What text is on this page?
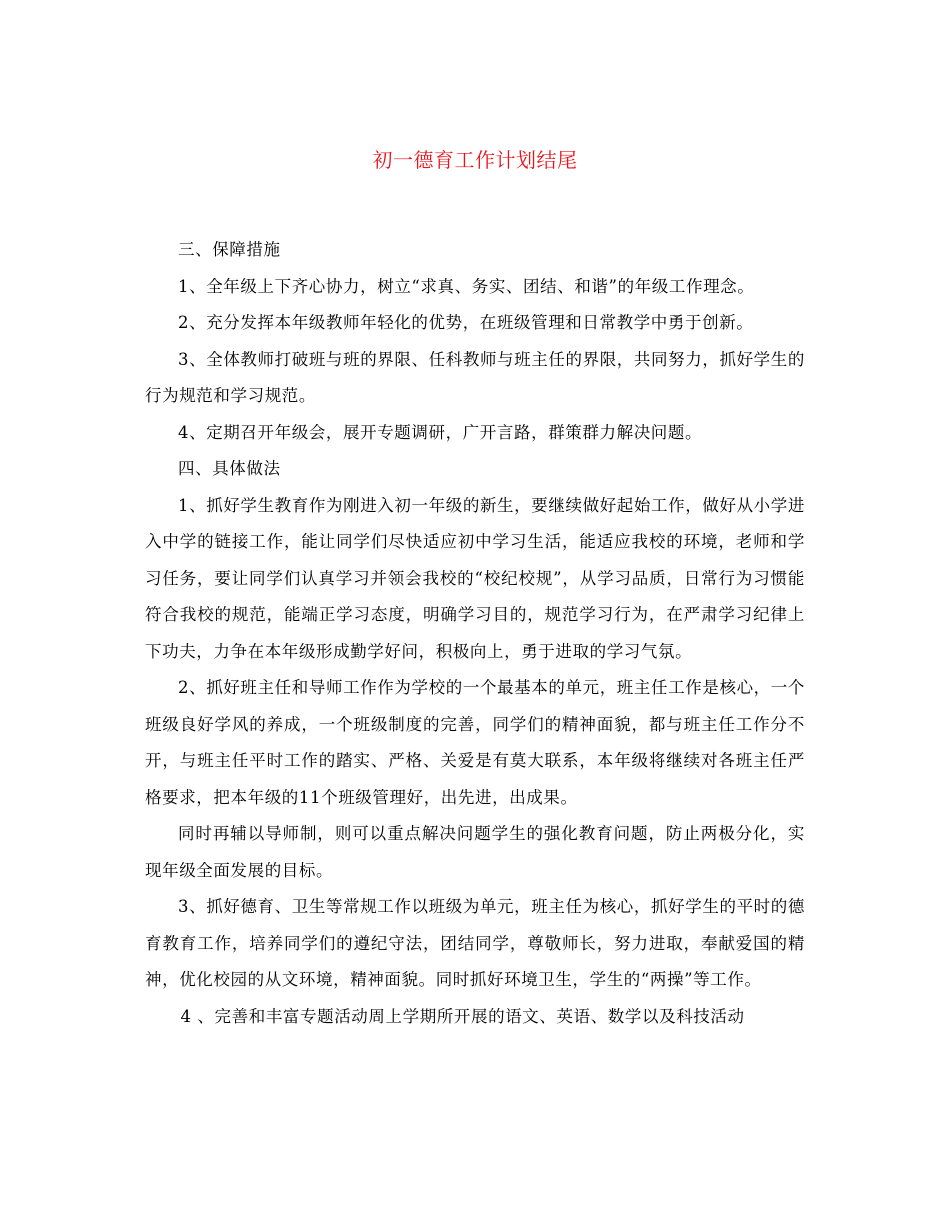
初一德育工作计划结尾

三、保障措施

1、全年级上下齐心协力，树立“求真、务实、团结、和谐”的年级工作理念。

2、充分发挥本年级教师年轻化的优势，在班级管理和日常教学中勇于创新。

3、全体教师打破班与班的界限、任科教师与班主任的界限，共同努力，抓好学生的行为规范和学习规范。

4、定期召开年级会，展开专题调研，广开言路，群策群力解决问题。

四、具体做法

1、抓好学生教育作为刚进入初一年级的新生，要继续做好起始工作，做好从小学进入中学的链接工作，能让同学们尽快适应初中学习生活，能适应我校的环境，老师和学习任务，要让同学们认真学习并领会我校的“校纪校规”，从学习品质，日常行为习惯能符合我校的规范，能端正学习态度，明确学习目的，规范学习行为，在严肃学习纪律上下功夫，力争在本年级形成勤学好问，积极向上，勇于进取的学习气氛。

2、抓好班主任和导师工作作为学校的一个最基本的单元，班主任工作是核心，一个班级良好学风的养成，一个班级制度的完善，同学们的精神面貌，都与班主任工作分不开，与班主任平时工作的踏实、严格、关爱是有莫大联系，本年级将继续对各班主任严格要求，把本年级的11个班级管理好，出先进，出成果。

同时再辅以导师制，则可以重点解决问题学生的强化教育问题，防止两极分化，实现年级全面发展的目标。

3、抓好德育、卫生等常规工作以班级为单元，班主任为核心，抓好学生的平时的德育教育工作，培养同学们的遵纪守法，团结同学，尊敬师长，努力进取，奉献爱国的精神，优化校园的从文环境，精神面貌。同时抓好环境卫生，学生的“两操”等工作。

4 、完善和丰富专题活动周上学期所开展的语文、英语、数学以及科技活动
